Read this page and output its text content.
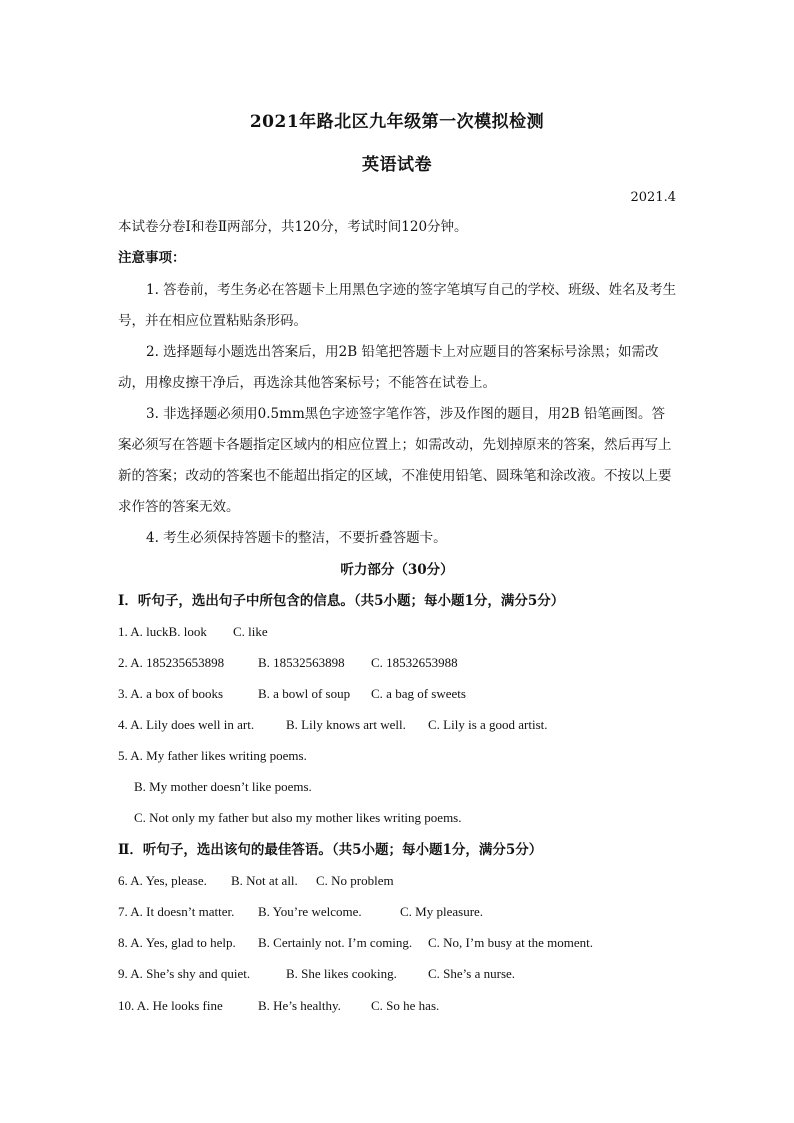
2021年路北区九年级第一次模拟检测
英语试卷
2021.4
本试卷分卷Ⅰ和卷Ⅱ两部分，共120分，考试时间120分钟。
注意事项：
1. 答卷前，考生务必在答题卡上用黑色字迹的签字笔填写自己的学校、班级、姓名及考生号，并在相应位置粘贴条形码。
2. 选择题每小题选出答案后，用2B 铅笔把答题卡上对应题目的答案标号涂黑；如需改动，用橡皮擦干净后，再选涂其他答案标号；不能答在试卷上。
3. 非选择题必须用0.5mm黑色字迹签字笔作答，涉及作图的题目，用2B 铅笔画图。答案必须写在答题卡各题指定区域内的相应位置上；如需改动，先划掉原来的答案，然后再写上新的答案；改动的答案也不能超出指定的区域，不准使用铅笔、圆珠笔和涂改液。不按以上要求作答的答案无效。
4. 考生必须保持答题卡的整洁，不要折叠答题卡。
听力部分（30分）
Ⅰ．听句子，选出句子中所包含的信息。（共5小题；每小题1分，满分5分）
1. A. luckB. look C. like
2. A. 185235653898	B. 18532563898 C. 18532653988
3. A. a box of books	B. a bowl of soup C. a bag of sweets
4. A. Lily does well in art. B. Lily knows art well. C. Lily is a good artist.
5. A. My father likes writing poems.
B. My mother doesn’t like poems.
C. Not only my father but also my mother likes writing poems.
Ⅱ．听句子，选出该句的最佳答语。（共5小题；每小题1分，满分5分）
6. A. Yes, please. B. Not at all. C. No problem
7. A. It doesn’t matter. B. You’re welcome.	C. My pleasure.
8. A. Yes, glad to help. B. Certainly not. I’m coming. C. No, I’m busy at the moment.
9. A. She’s shy and quiet.	B. She likes cooking. C. She’s a nurse.
10. A. He looks fine	B. He’s healthy. C. So he has.
